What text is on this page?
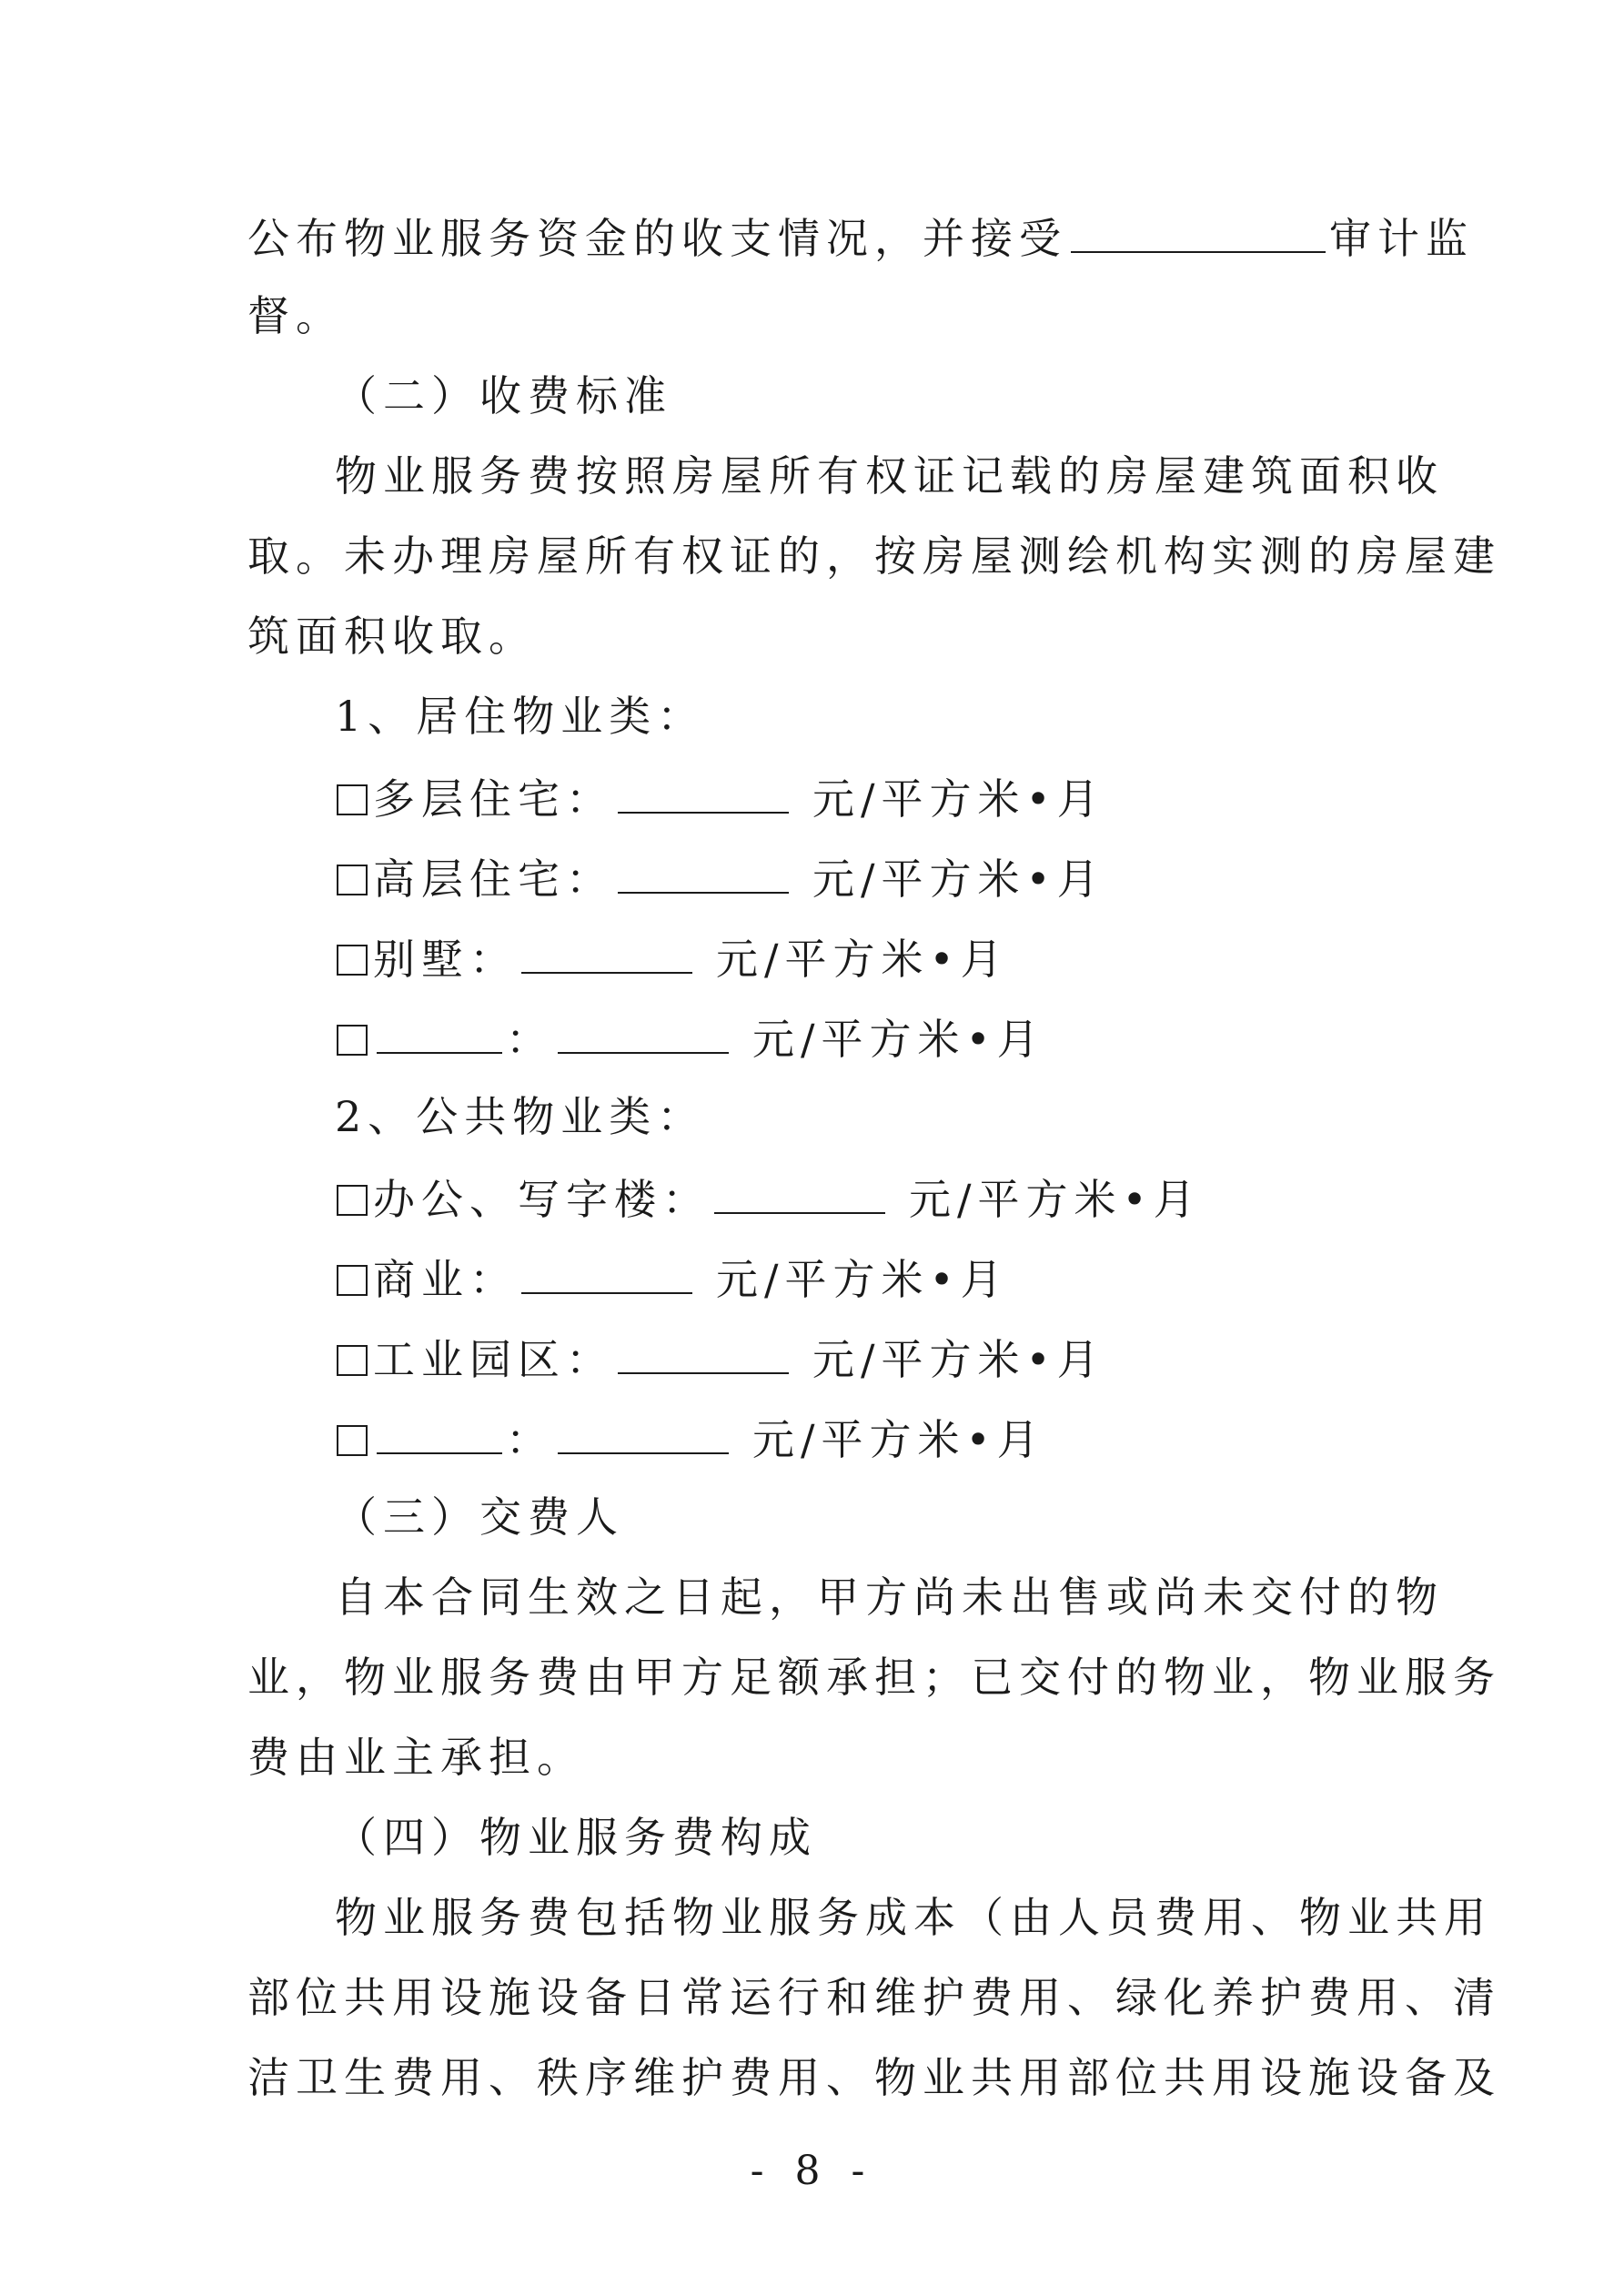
公布物业服务资金的收支情况，并接受	审计监
督。
（二）收费标准
物业服务费按照房屋所有权证记载的房屋建筑面积收
取。未办理房屋所有权证的，按房屋测绘机构实测的房屋建
筑面积收取。
1、居住物业类：
多层住宅：	元/平方米•月
高层住宅：	元/平方米•月
别墅：	元/平方米•月
：	元/平方米•月
2、公共物业类：
办公、写字楼：	元/平方米•月
商业：	元/平方米•月
工业园区：	元/平方米•月
：	元/平方米•月
（三）交费人
自本合同生效之日起，甲方尚未出售或尚未交付的物
业，物业服务费由甲方足额承担；已交付的物业，物业服务
费由业主承担。
（四）物业服务费构成
物业服务费包括物业服务成本（由人员费用、物业共用
部位共用设施设备日常运行和维护费用、绿化养护费用、清
洁卫生费用、秩序维护费用、物业共用部位共用设施设备及
- 8 -
